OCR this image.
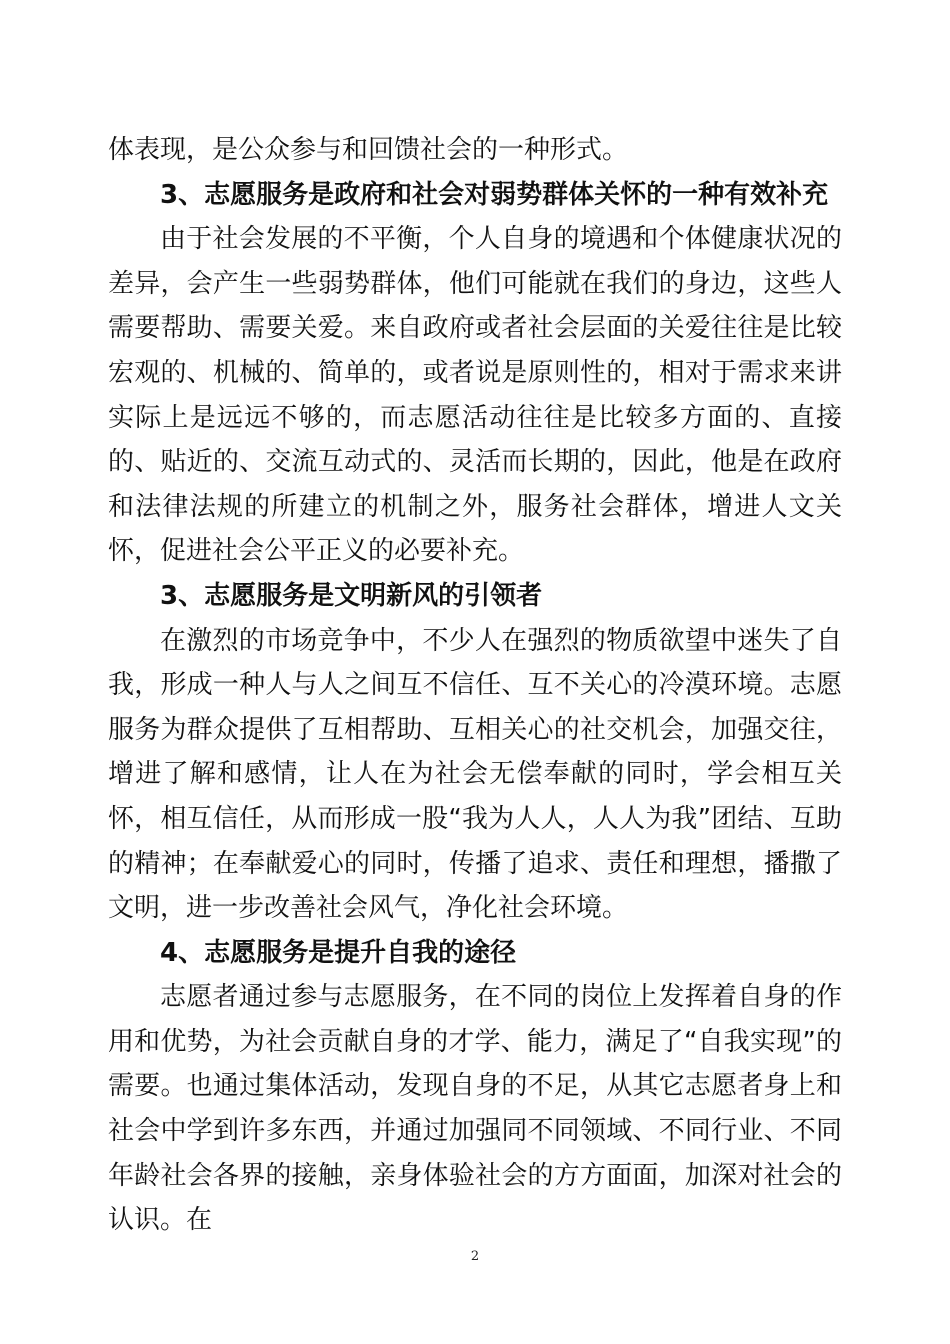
体表现，是公众参与和回馈社会的一种形式。

3、志愿服务是政府和社会对弱势群体关怀的一种有效补充

由于社会发展的不平衡，个人自身的境遇和个体健康状况的差异，会产生一些弱势群体，他们可能就在我们的身边，这些人需要帮助、需要关爱。来自政府或者社会层面的关爱往往是比较宏观的、机械的、简单的，或者说是原则性的，相对于需求来讲实际上是远远不够的，而志愿活动往往是比较多方面的、直接的、贴近的、交流互动式的、灵活而长期的，因此，他是在政府和法律法规的所建立的机制之外，服务社会群体，增进人文关怀，促进社会公平正义的必要补充。

3、志愿服务是文明新风的引领者

在激烈的市场竞争中，不少人在强烈的物质欲望中迷失了自我，形成一种人与人之间互不信任、互不关心的冷漠环境。志愿服务为群众提供了互相帮助、互相关心的社交机会，加强交往，增进了解和感情，让人在为社会无偿奉献的同时，学会相互关怀，相互信任，从而形成一股“我为人人，人人为我”团结、互助的精神；在奉献爱心的同时，传播了追求、责任和理想，播撒了文明，进一步改善社会风气，净化社会环境。

4、志愿服务是提升自我的途径

志愿者通过参与志愿服务，在不同的岗位上发挥着自身的作用和优势，为社会贡献自身的才学、能力，满足了“自我实现”的需要。也通过集体活动，发现自身的不足，从其它志愿者身上和社会中学到许多东西，并通过加强同不同领域、不同行业、不同年龄社会各界的接触，亲身体验社会的方方面面，加深对社会的认识。在

2
